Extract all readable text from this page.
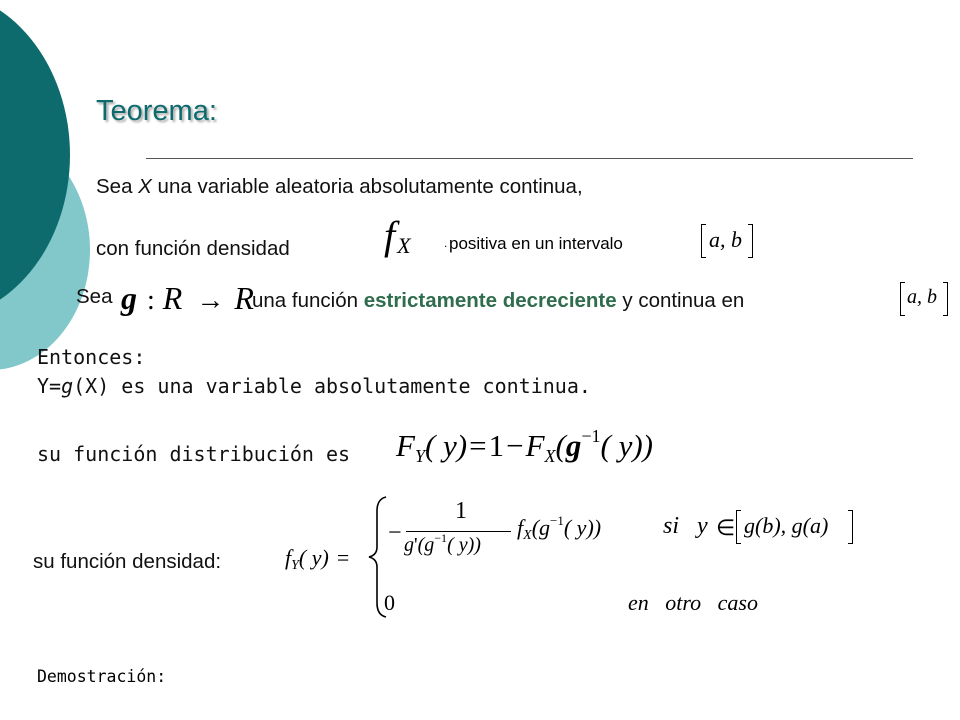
Teorema:
Sea X una variable aleatoria absolutamente continua,
con función densidad fX	. positiva en un intervalo	a, b
Sea g : R → R
una función estrictamente decreciente y continua en	a, b
Entonces:
Y=g(X) es una variable absolutamente continua.
su función distribución es FY( $y)=1-FX(g^{-1}$( y))
su función densidad:	fY( y) =
−
1
$g'(g^{-1}$( y))
$fX(g^{-1}$( y))	si y ∈ g(b), g(a)
0	en   otro   caso
Demostración:
